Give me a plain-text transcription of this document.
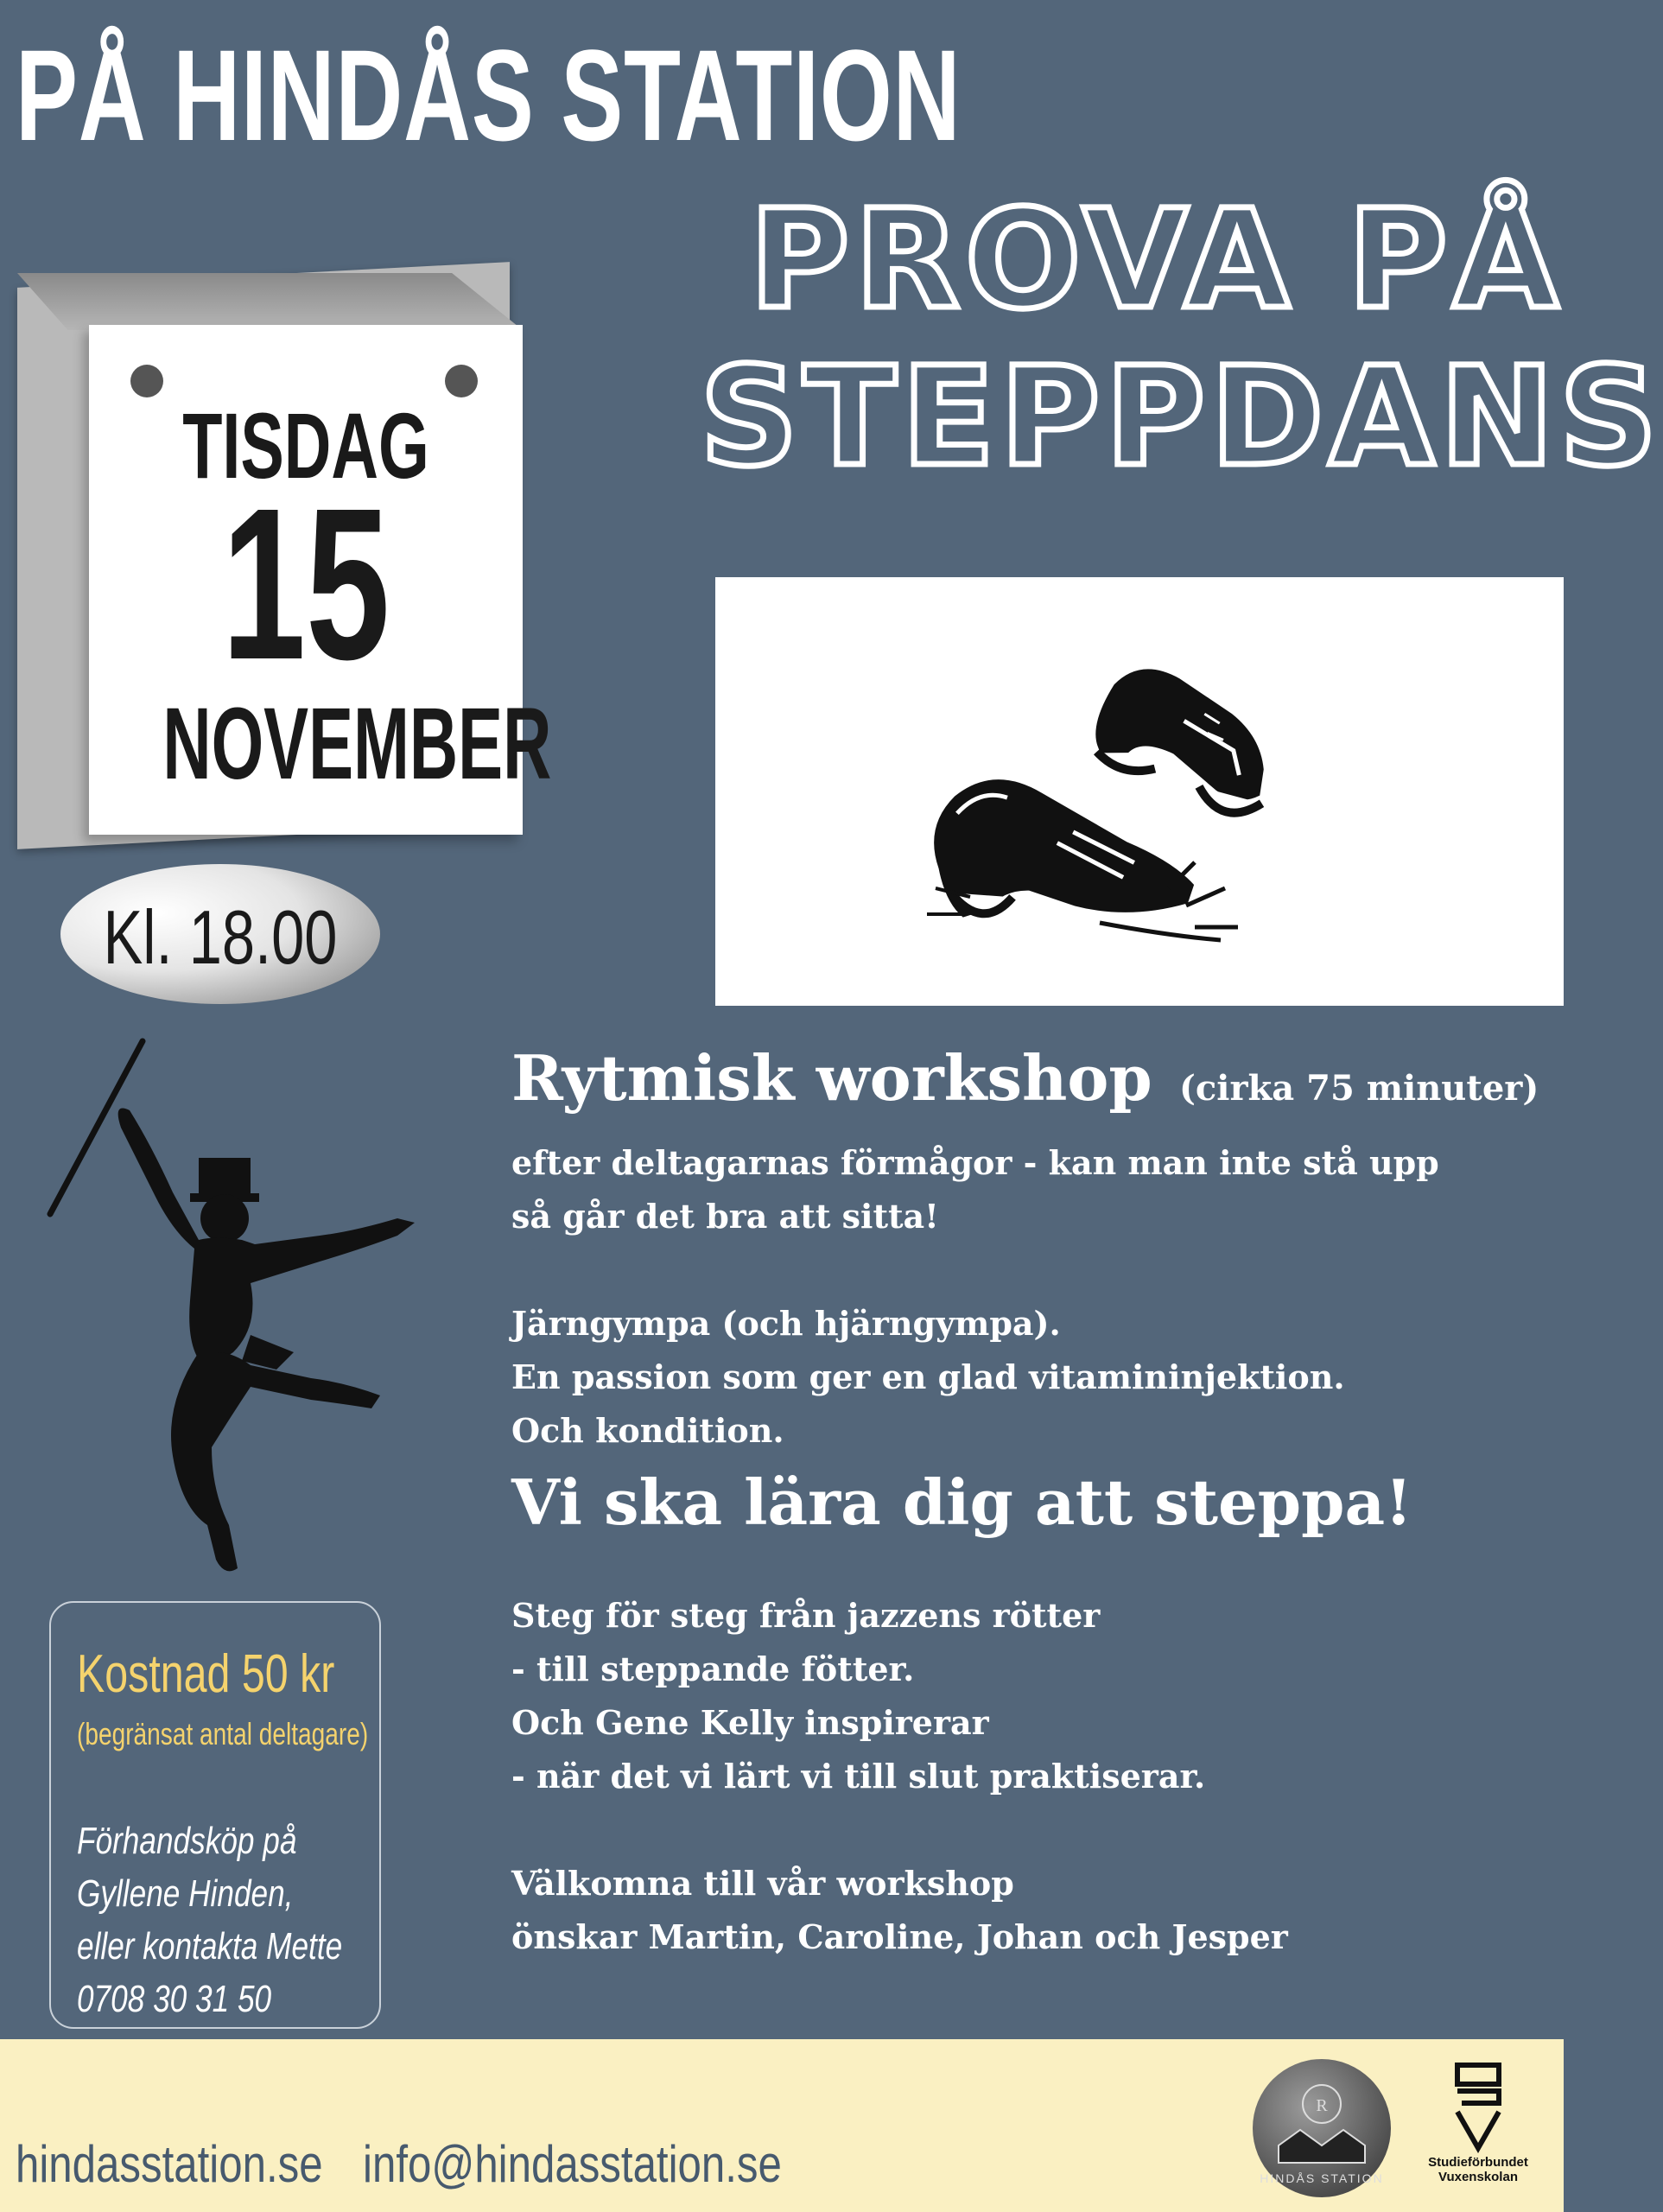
PÅ HINDÅS STATION
PROVA PÅ
STEPPDANS
TISDAG
15
NOVEMBER
Kl. 18.00

Rytmisk workshop (cirka 75 minuter)

efter deltagarnas förmågor - kan man inte stå upp

så går det bra att sitta!

Järngympa (och hjärngympa).

En passion som ger en glad vitamininjektion.

Och kondition.

Vi ska lära dig att steppa!

Steg för steg från jazzens rötter

- till steppande fötter.

Och Gene Kelly inspirerar

- när det vi lärt vi till slut praktiserar.

Välkomna till vår workshop

önskar Martin, Caroline, Johan och Jesper

Kostnad 50 kr
(begränsat antal deltagare)
Förhandsköp på
Gyllene Hinden,
eller kontakta Mette
0708 30 31 50
hindasstation.se info@hindasstation.se
R
HINDÅS STATION
Studieförbundet
Vuxenskolan
